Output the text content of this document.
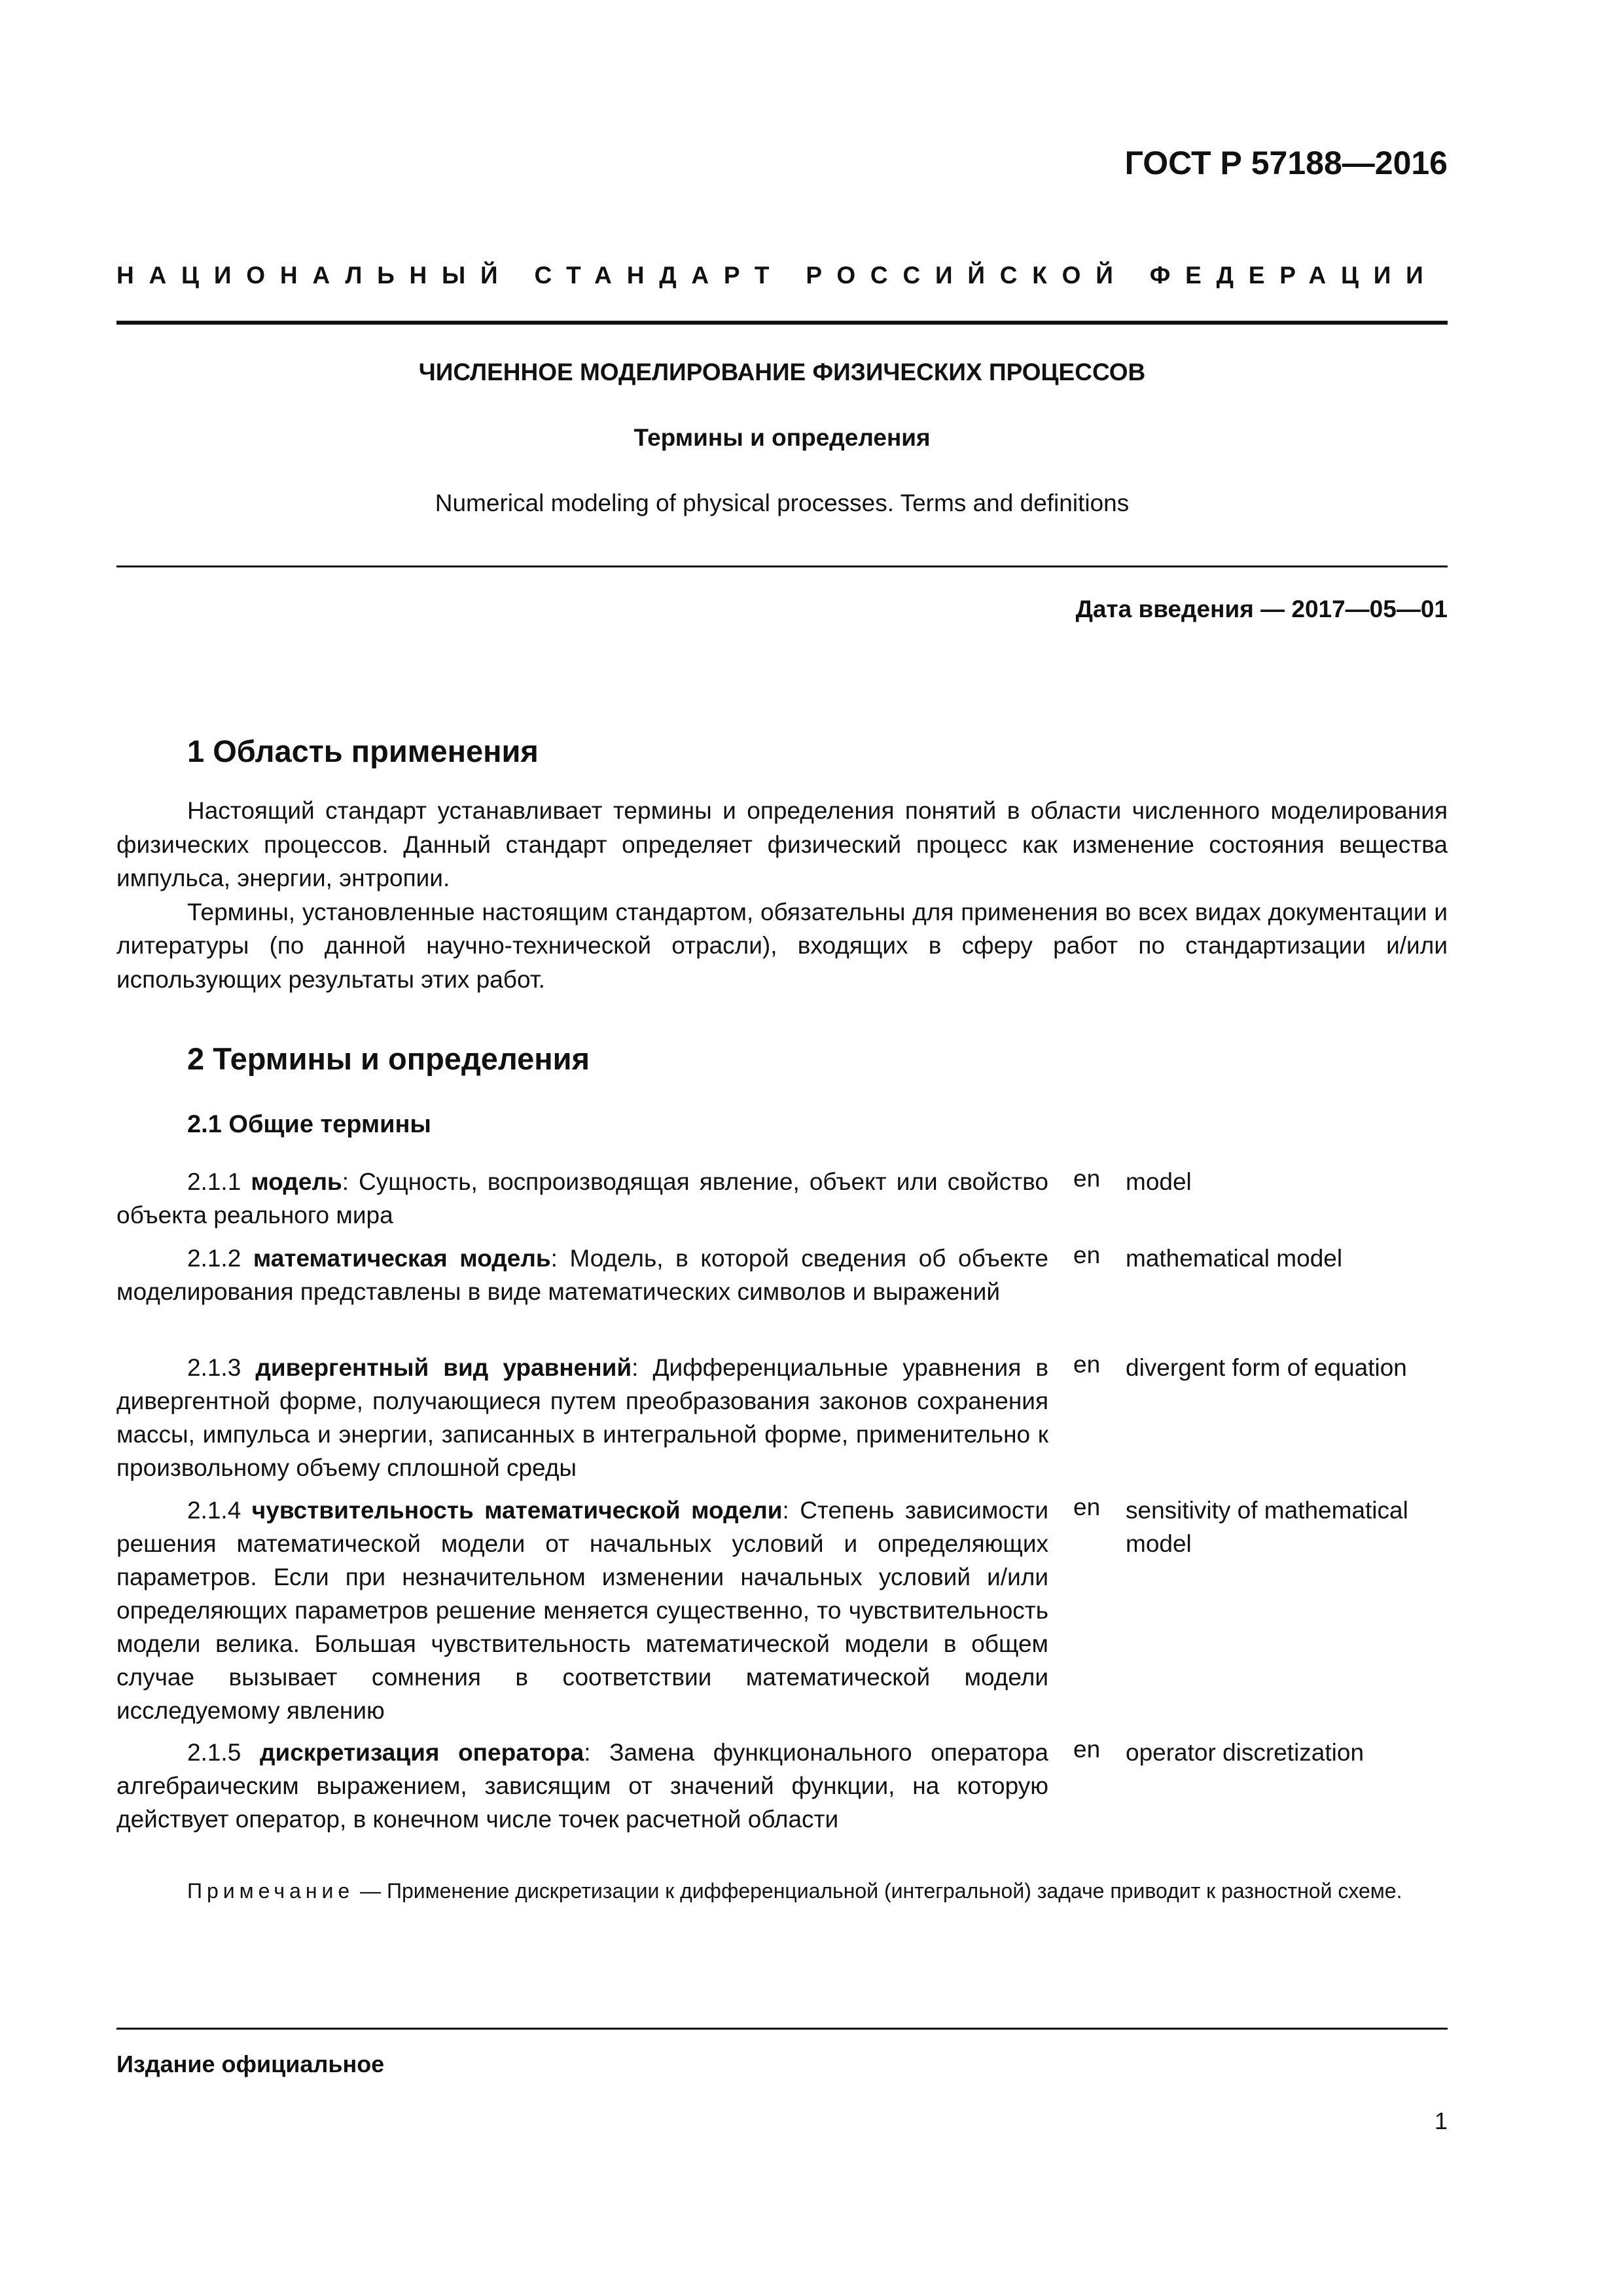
ГОСТ Р 57188—2016
НАЦИОНАЛЬНЫЙ СТАНДАРТ РОССИЙСКОЙ ФЕДЕРАЦИИ
ЧИСЛЕННОЕ МОДЕЛИРОВАНИЕ ФИЗИЧЕСКИХ ПРОЦЕССОВ
Термины и определения
Numerical modeling of physical processes. Terms and definitions
Дата введения — 2017—05—01
1 Область применения
Настоящий стандарт устанавливает термины и определения понятий в области численного моделирования физических процессов. Данный стандарт определяет физический процесс как изменение состояния вещества импульса, энергии, энтропии.
Термины, установленные настоящим стандартом, обязательны для применения во всех видах документации и литературы (по данной научно-технической отрасли), входящих в сферу работ по стандартизации и/или использующих результаты этих работ.
2 Термины и определения
2.1 Общие термины

2.1.1 модель: Сущность, воспроизводящая явление, объект или свойство объекта реального мира

en model

2.1.2 математическая модель: Модель, в которой сведения об объекте моделирования представлены в виде математических символов и выражений

en mathematical model

2.1.3 дивергентный вид уравнений: Дифференциальные уравнения в дивергентной форме, получающиеся путем преобразования законов сохранения массы, импульса и энергии, записанных в интегральной форме, применительно к произвольному объему сплошной среды

en divergent form of equation

2.1.4 чувствительность математической модели: Степень зависимости решения математической модели от начальных условий и определяющих параметров. Если при незначительном изменении начальных условий и/или определяющих параметров решение меняется существенно, то чувствительность модели велика. Большая чувствительность математической модели в общем случае вызывает сомнения в соответствии математической модели исследуемому явлению

en sensitivity of mathematical model

2.1.5 дискретизация оператора: Замена функционального оператора алгебраическим выражением, зависящим от значений функции, на которую действует оператор, в конечном числе точек расчетной области

en operator discretization

Примечание — Применение дискретизации к дифференциальной (интегральной) задаче приводит к разностной схеме.

Издание официальное
1
